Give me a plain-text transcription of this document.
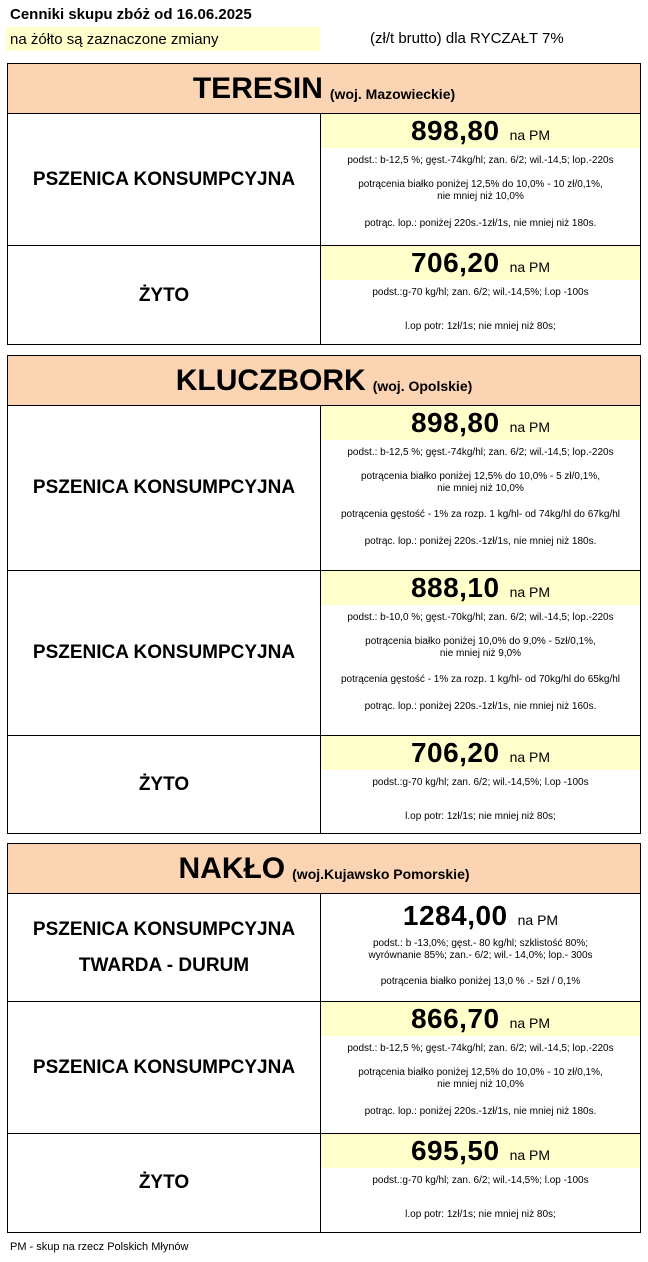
Cenniki skupu zbóż od 16.06.2025
na żółto są zaznaczone zmiany	(zł/t brutto) dla RYCZAŁT 7%
TERESIN (woj. Mazowieckie)
PSZENICA KONSUMPCYJNA
898,80 na PM
podst.: b-12,5 %; gęst.-74kg/hl; zan. 6/2; wil.-14,5; lop.-220s
potrącenia białko poniżej 12,5% do 10,0% - 10 zł/0,1%,
nie mniej niż 10,0%
potrąc. lop.: poniżej 220s.-1zł/1s, nie mniej niż 180s.
ŻYTO
706,20 na PM
podst.:g-70 kg/hl; zan. 6/2; wil.-14,5%; l.op -100s
l.op potr: 1zł/1s; nie mniej niż 80s;
KLUCZBORK (woj. Opolskie)
PSZENICA KONSUMPCYJNA
898,80 na PM
podst.: b-12,5 %; gęst.-74kg/hl; zan. 6/2; wil.-14,5; lop.-220s
potrącenia białko poniżej 12,5% do 10,0% - 5 zł/0,1%,
nie mniej niż 10,0%
potrącenia gęstość - 1% za rozp. 1 kg/hl- od 74kg/hl do 67kg/hl
potrąc. lop.: poniżej 220s.-1zł/1s, nie mniej niż 180s.
PSZENICA KONSUMPCYJNA
888,10 na PM
podst.: b-10,0 %; gęst.-70kg/hl; zan. 6/2; wil.-14,5; lop.-220s
potrącenia białko poniżej 10,0% do 9,0% - 5zł/0,1%,
nie mniej niż 9,0%
potrącenia gęstość - 1% za rozp. 1 kg/hl- od 70kg/hl do 65kg/hl
potrąc. lop.: poniżej 220s.-1zł/1s, nie mniej niż 160s.
ŻYTO
706,20 na PM
podst.:g-70 kg/hl; zan. 6/2; wil.-14,5%; l.op -100s
l.op potr: 1zł/1s; nie mniej niż 80s;
NAKŁO (woj.Kujawsko Pomorskie)
PSZENICA KONSUMPCYJNA
TWARDA - DURUM
1284,00 na PM
podst.: b -13,0%; gęst.- 80 kg/hl; szklistość 80%;
wyrównanie 85%; zan.- 6/2; wil.- 14,0%; lop.- 300s
potrącenia białko poniżej 13,0 % .- 5zł / 0,1%
PSZENICA KONSUMPCYJNA
866,70 na PM
podst.: b-12,5 %; gęst.-74kg/hl; zan. 6/2; wil.-14,5; lop.-220s
potrącenia białko poniżej 12,5% do 10,0% - 10 zł/0,1%,
nie mniej niż 10,0%
potrąc. lop.: poniżej 220s.-1zł/1s, nie mniej niż 180s.
ŻYTO
695,50 na PM
podst.:g-70 kg/hl; zan. 6/2; wil.-14,5%; l.op -100s
l.op potr: 1zł/1s; nie mniej niż 80s;
PM - skup na rzecz Polskich Młynów
